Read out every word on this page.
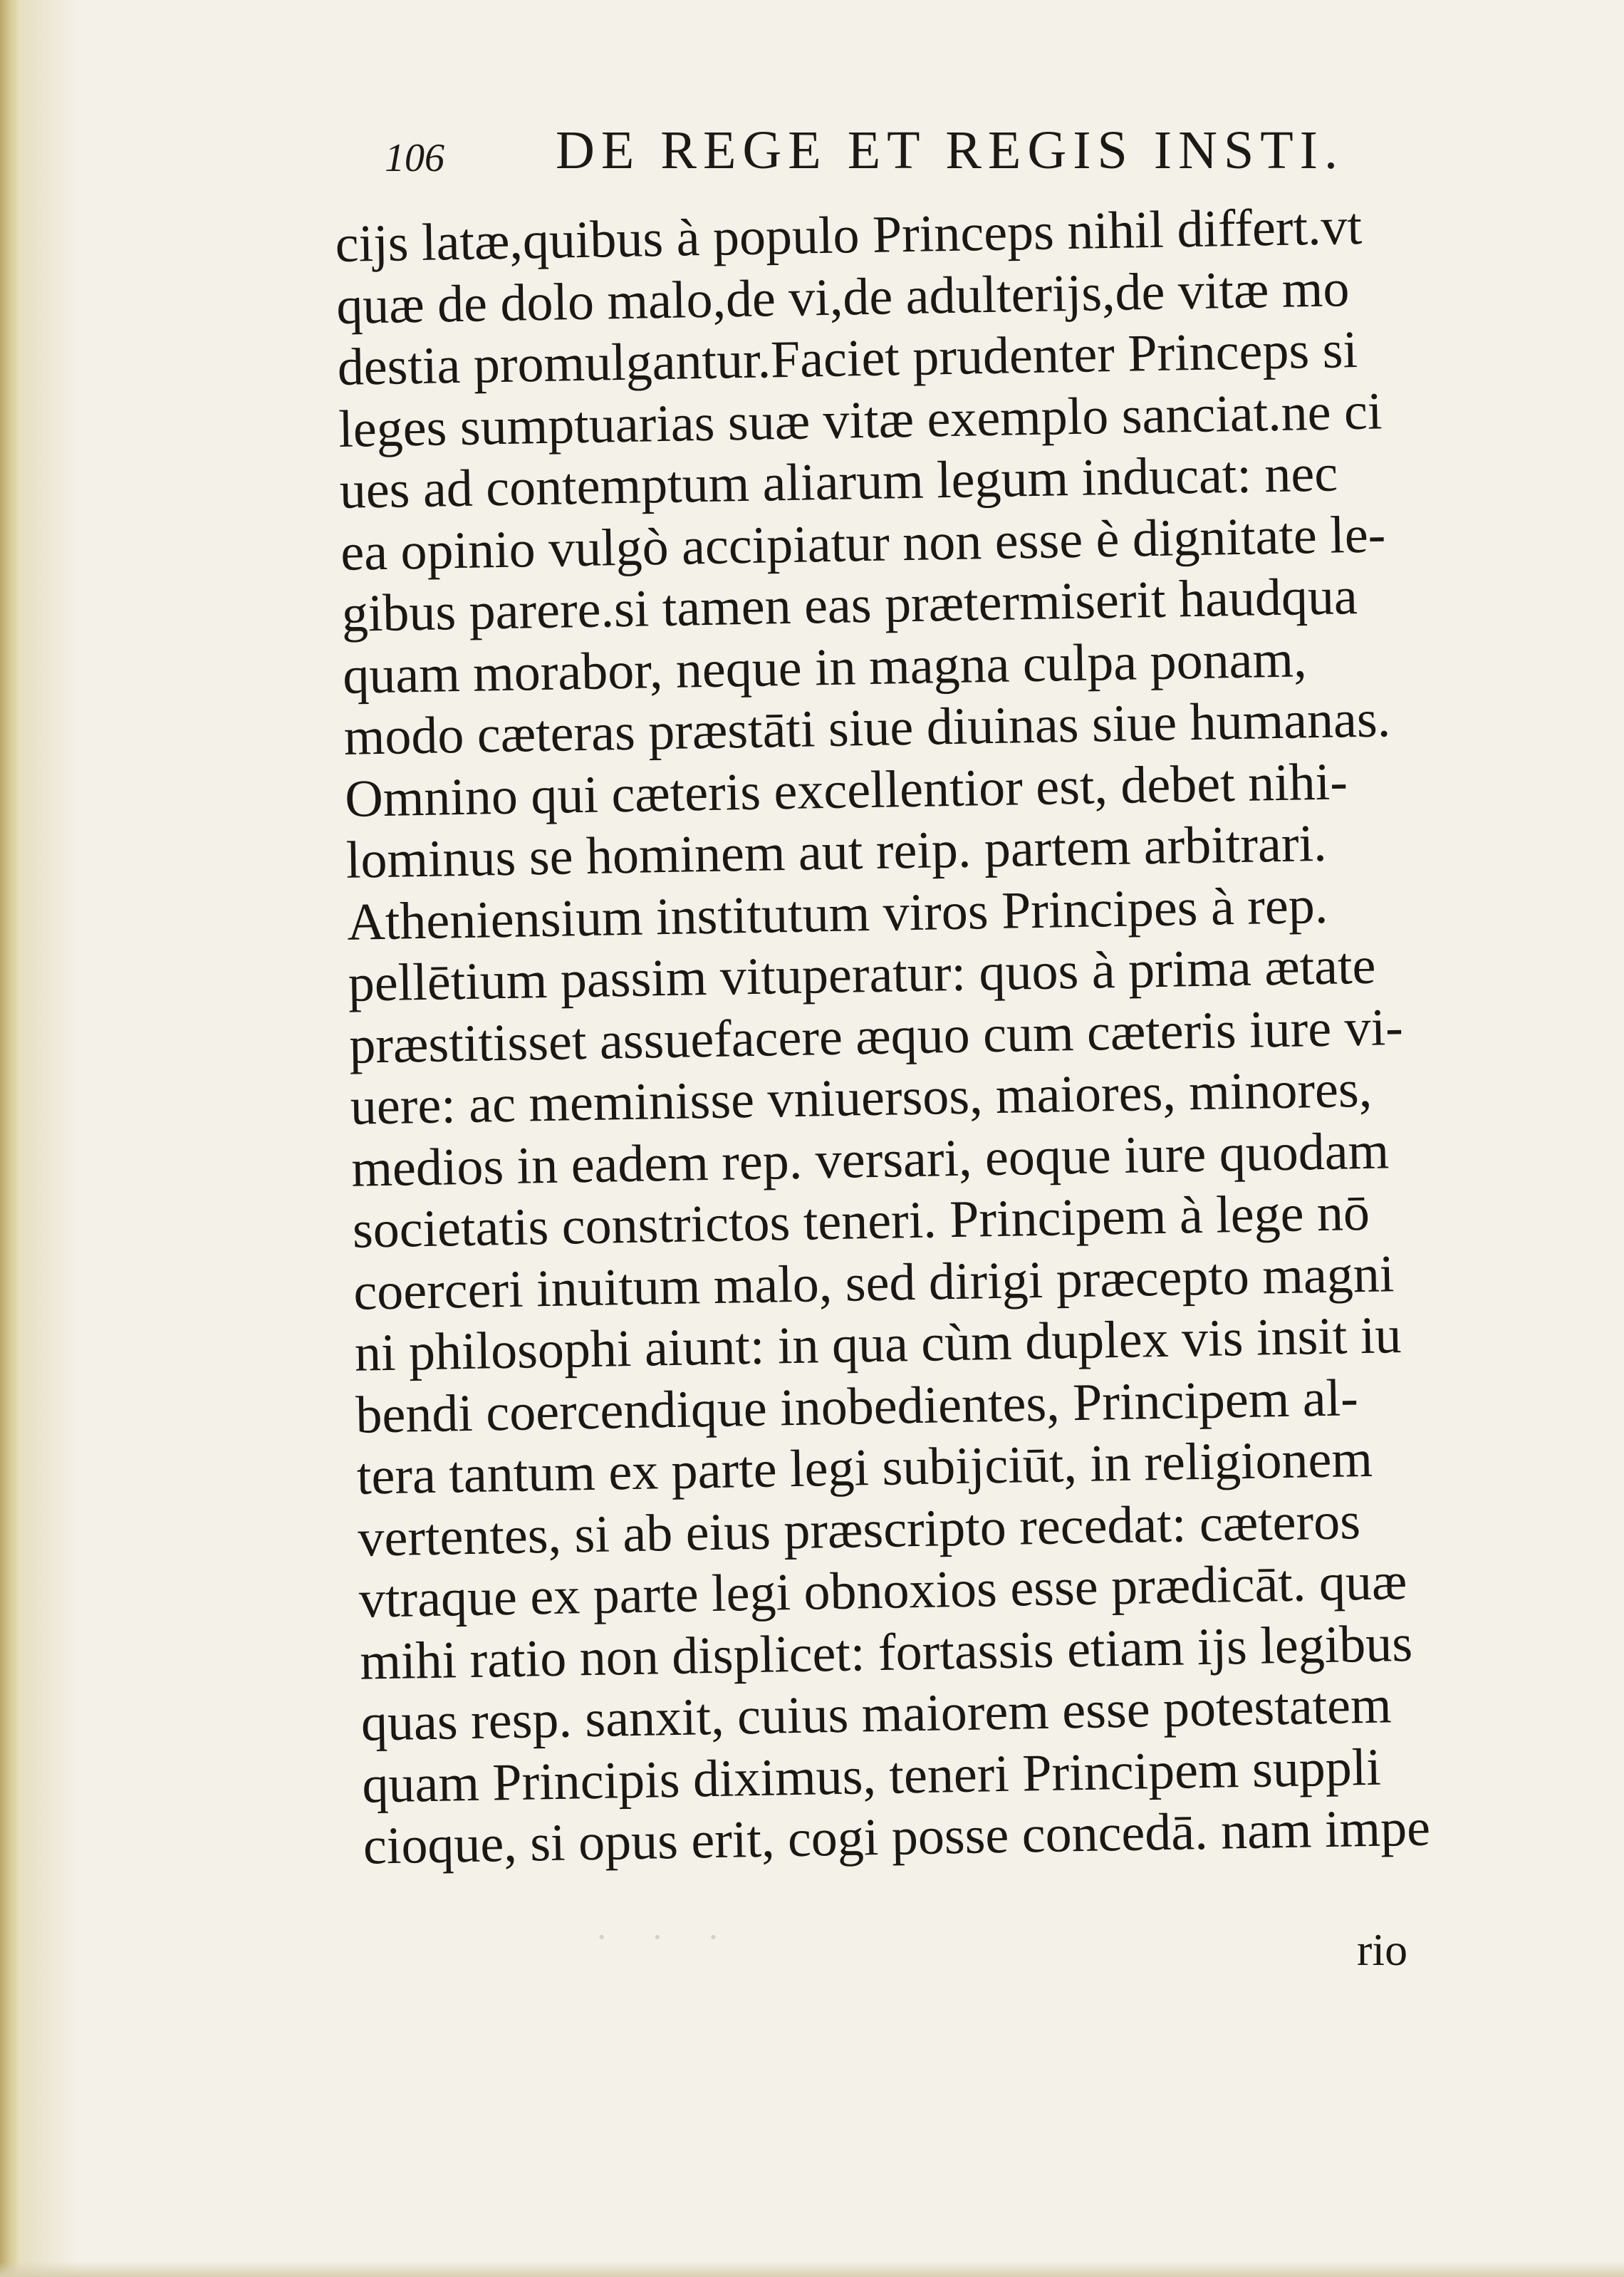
106 DE REGE ET REGIS INSTI.
cijs latæ,quibus à populo Princeps nihil differt.vt
quæ de dolo malo,de vi,de adulterijs,de vitæ mo
destia promulgantur.Faciet prudenter Princeps si
leges sumptuarias suæ vitæ exemplo sanciat.ne ci
ues ad contemptum aliarum legum inducat: nec
ea opinio vulgò accipiatur non esse è dignitate le-
gibus parere.si tamen eas prætermiserit haudqua
quam morabor, neque in magna culpa ponam,
modo cæteras præstāti siue diuinas siue humanas.
Omnino qui cæteris excellentior est, debet nihi-
lominus se hominem aut reip. partem arbitrari.
Atheniensium institutum viros Principes à rep.
pellētium passim vituperatur: quos à prima ætate
præstitisset assuefacere æquo cum cæteris iure vi-
uere: ac meminisse vniuersos, maiores, minores,
medios in eadem rep. versari, eoque iure quodam
societatis constrictos teneri. Principem à lege nō
coerceri inuitum malo, sed dirigi præcepto magni
ni philosophi aiunt: in qua cùm duplex vis insit iu
bendi coercendique inobedientes, Principem al-
tera tantum ex parte legi subijciūt, in religionem
vertentes, si ab eius præscripto recedat: cæteros
vtraque ex parte legi obnoxios esse prædicāt. quæ
mihi ratio non displicet: fortassis etiam ijs legibus
quas resp. sanxit, cuius maiorem esse potestatem
quam Principis diximus, teneri Principem suppli
cioque, si opus erit, cogi posse concedā. nam impe
· · ·	rio
